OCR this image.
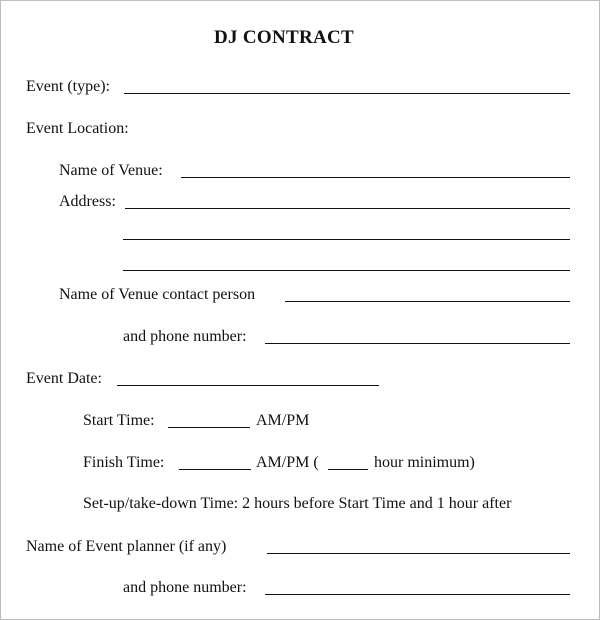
DJ CONTRACT
Event (type):
Event Location:
Name of Venue:
Address:
Name of Venue contact person
and phone number:
Event Date:
Start Time:	AM/PM
Finish Time:	AM/PM (	hour minimum)
Set-up/take-down Time: 2 hours before Start Time and 1 hour after
Name of Event planner (if any)
and phone number:
